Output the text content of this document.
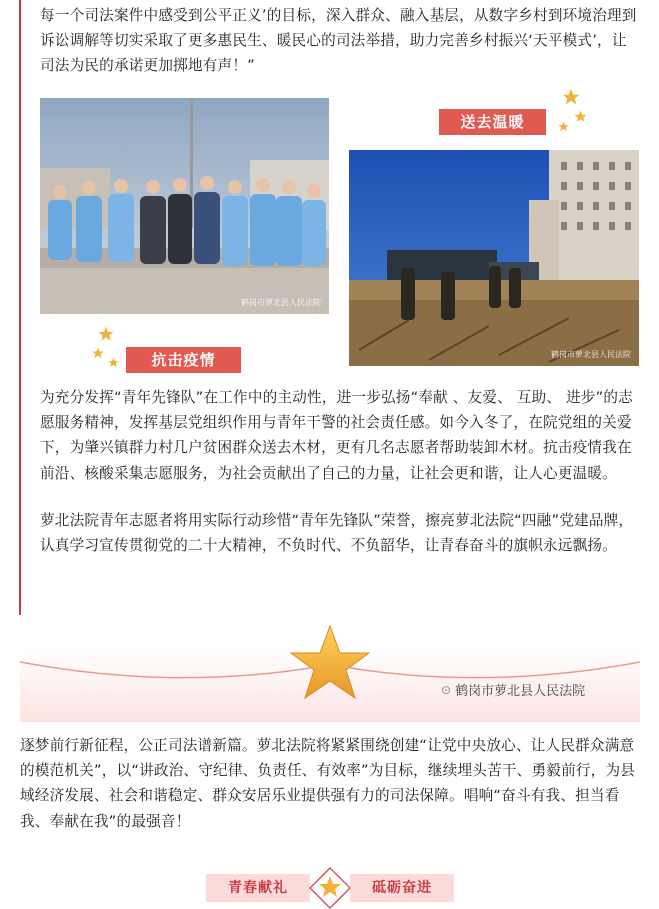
每一个司法案件中感受到公平正义’的目标，深入群众、融入基层，从数字乡村到环境治理到诉讼调解等切实采取了更多惠民生、暖民心的司法举措，助力完善乡村振兴‘天平模式’，让司法为民的承诺更加掷地有声！”

鹤岗市萝北县人民法院
送去温暖
鹤岗市萝北县人民法院
抗击疫情

为充分发挥“青年先锋队”在工作中的主动性，进一步弘扬“奉献 、友爱、 互助、 进步”的志愿服务精神，发挥基层党组织作用与青年干警的社会责任感。如今入冬了，在院党组的关爱下，为肇兴镇群力村几户贫困群众送去木材，更有几名志愿者帮助装卸木材。抗击疫情我在前沿、核酸采集志愿服务，为社会贡献出了自己的力量，让社会更和谐，让人心更温暖。

萝北法院青年志愿者将用实际行动珍惜“青年先锋队”荣誉，擦亮萝北法院“四融”党建品牌，认真学习宣传贯彻党的二十大精神，不负时代、不负韶华，让青春奋斗的旗帜永远飘扬。

⊙ 鹤岗市萝北县人民法院

逐梦前行新征程，公正司法谱新篇。萝北法院将紧紧围绕创建“让党中央放心、让人民群众满意的模范机关”，以“讲政治、守纪律、负责任、有效率”为目标，继续埋头苦干、勇毅前行，为县域经济发展、社会和谐稳定、群众安居乐业提供强有力的司法保障。唱响“奋斗有我、担当看我、奉献在我”的最强音！

青春献礼	砥砺奋进
